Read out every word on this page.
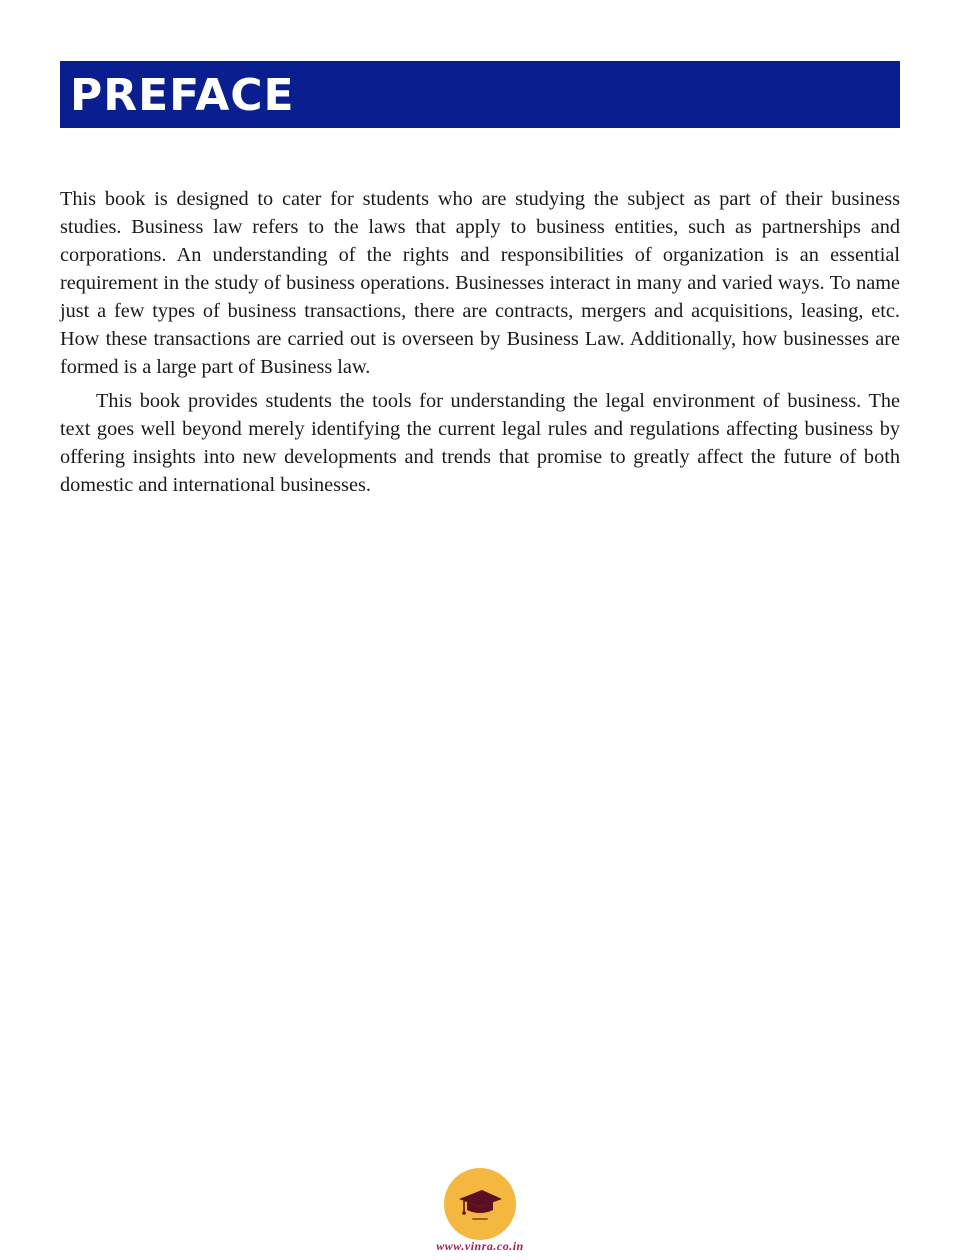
PREFACE

This book is designed to cater for students who are studying the subject as part of their business studies. Business law refers to the laws that apply to business entities, such as partnerships and corporations. An understanding of the rights and responsibilities of organization is an essential requirement in the study of business operations. Businesses interact in many and varied ways. To name just a few types of business transactions, there are contracts, mergers and acquisitions, leasing, etc. How these transactions are carried out is overseen by Business Law. Additionally, how businesses are formed is a large part of Business law.

This book provides students the tools for understanding the legal environment of business. The text goes well beyond merely identifying the current legal rules and regulations affecting business by offering insights into new developments and trends that promise to greatly affect the future of both domestic and international businesses.

www.vinra.co.in
